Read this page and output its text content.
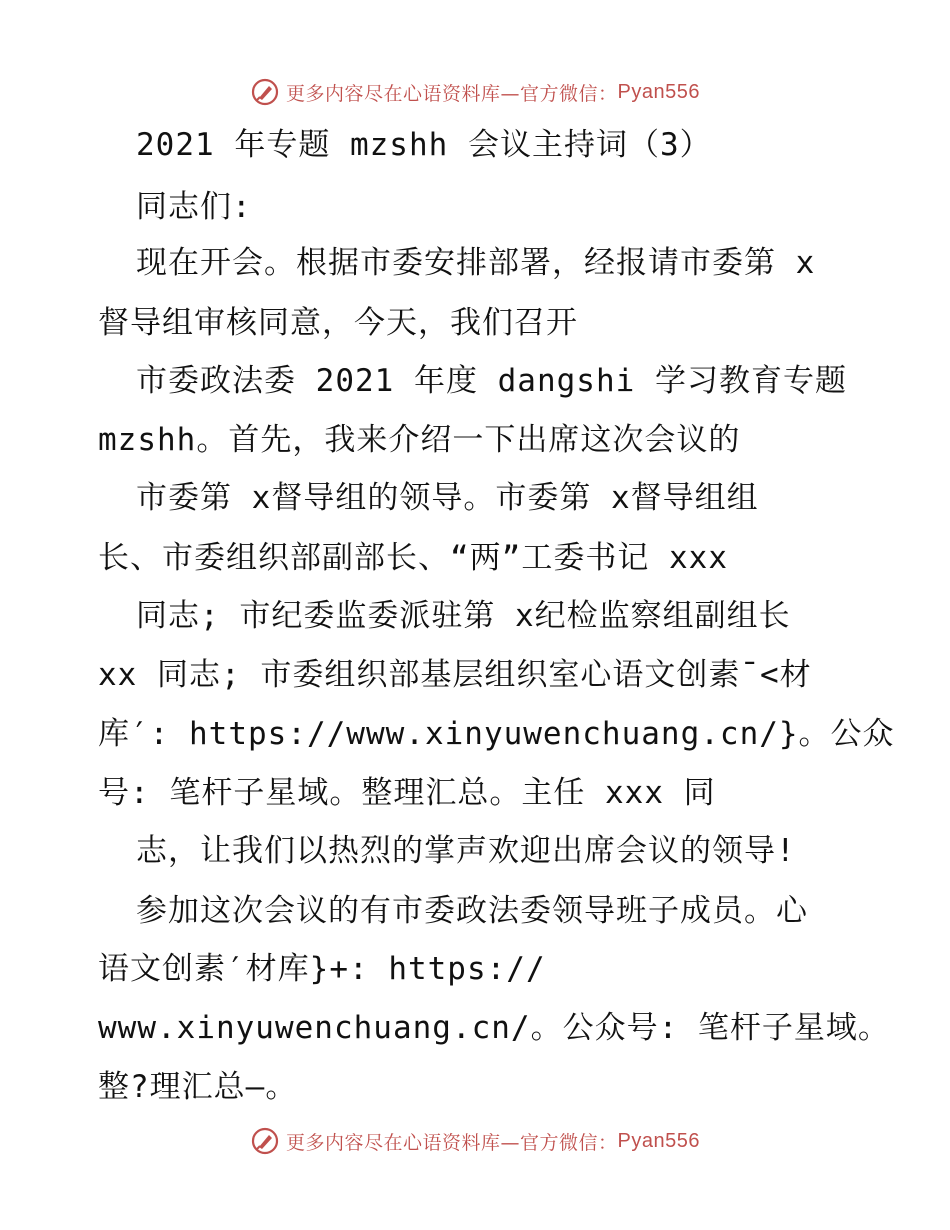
更多内容尽在心语资料库—官方微信： Pyan556
2021 年专题 mzshh 会议主持词（3）
同志们:
现在开会。根据市委安排部署，经报请市委第 x
督导组审核同意，今天，我们召开
市委政法委 2021 年度 dangshi 学习教育专题
mzshh。首先，我来介绍一下出席这次会议的
市委第 x督导组的领导。市委第 x督导组组
长、市委组织部副部长、“两”工委书记 xxx
同志; 市纪委监委派驻第 x纪检监察组副组长
xx 同志; 市委组织部基层组织室心语文创素¯<材
库′: https://www.xinyuwenchuang.cn/}。公众
号: 笔杆子星域。整理汇总。主任 xxx 同
志，让我们以热烈的掌声欢迎出席会议的领导!
参加这次会议的有市委政法委领导班子成员。心
语文创素′材库}+: https://
www.xinyuwenchuang.cn/。公众号: 笔杆子星域。
整?理汇总—。
更多内容尽在心语资料库—官方微信： Pyan556
